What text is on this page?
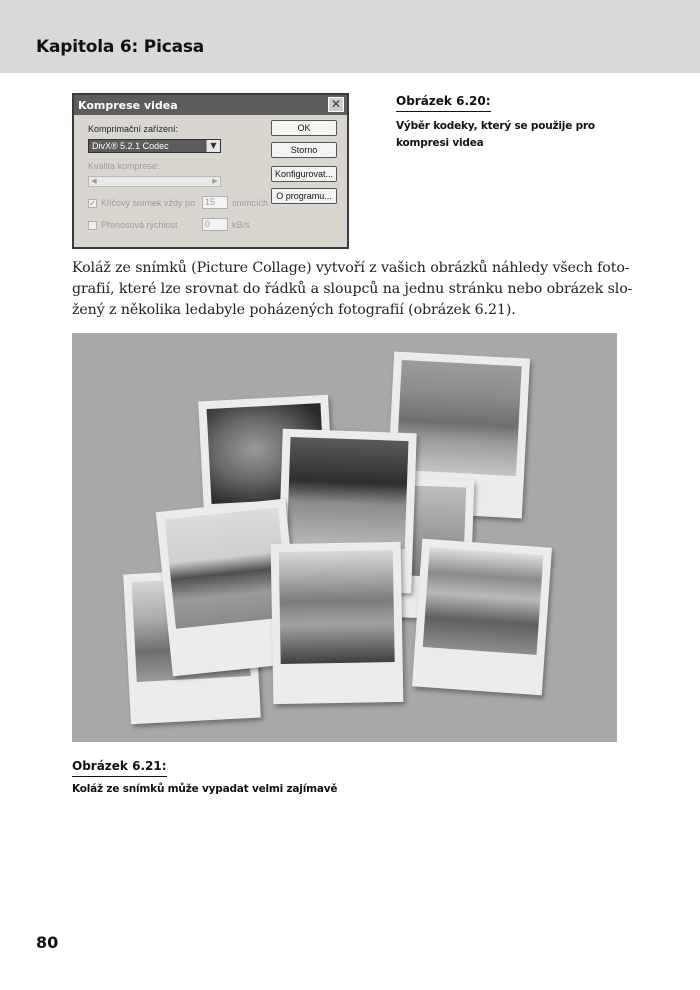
Kapitola 6: Picasa
Komprese videa	✕
Komprimační zařízení:
DivX® 5.2.1 Codec	▼
Kvalita komprese:
◀	▶
✓ Klíčový snímek vždy po	15	snímcích
Přenosová rychlost	0	kB/s
OK
Storno
Konfigurovat...
O programu...
Obrázek 6.20:
Výběr kodeky, který se použije pro
kompresi videa
Koláž ze snímků (Picture Collage) vytvoří z vašich obrázků náhledy všech foto-
grafií, které lze srovnat do řádků a sloupců na jednu stránku nebo obrázek slo-
žený z několika ledabyle poházených fotografií (obrázek 6.21).
Obrázek 6.21:
Koláž ze snímků může vypadat velmi zajímavě
80
